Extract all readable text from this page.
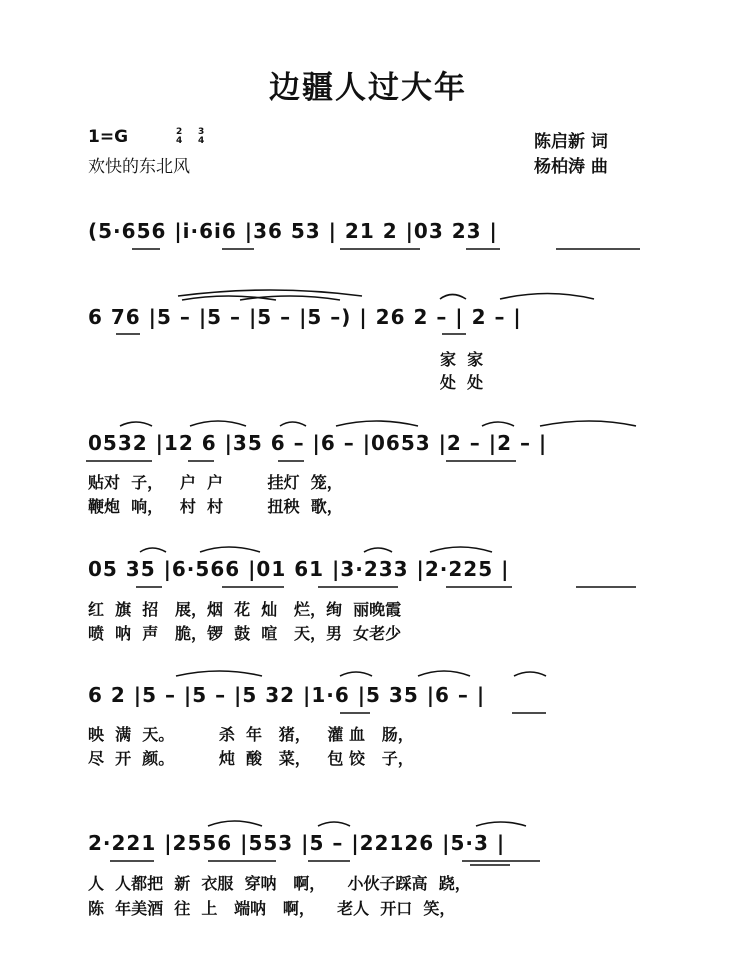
边疆人过大年
1=G	2
4
3
4
欢快的东北风
陈启新 词
杨柏涛 曲
(5·656 |i·6i6 |36 53 | 21 2 |03 23 |
6 76 |5 – |5 – |5 – |5 –) | 26 2 – | 2 – |
家  家
处  处
0532 |12 6 |35 6 – |6 – |0653 |2 – |2 – |
贴对  子，   户  户        挂灯  笼，
鞭炮  响，   村  村        扭秧  歌，
05 35 |6·566 |01 61 |3·233 |2·225 |
红  旗  招   展，烟  花  灿   烂，绚  丽晚霞
喷  呐  声   脆，锣  鼓  喧   天，男  女老少
6 2 |5 – |5 – |5 32 |1·6 |5 35 |6 – |
映  满  天。        杀  年   猪，   灌 血   肠，
尽  开  颜。        炖  酸   菜，   包 饺   子，
2·221 |2556 |553 |5 – |22126 |5·3 |
人  人都把  新  衣服  穿呐   啊，    小伙子踩高  跷，
陈  年美酒  往  上   端呐   啊，    老人  开口  笑，
